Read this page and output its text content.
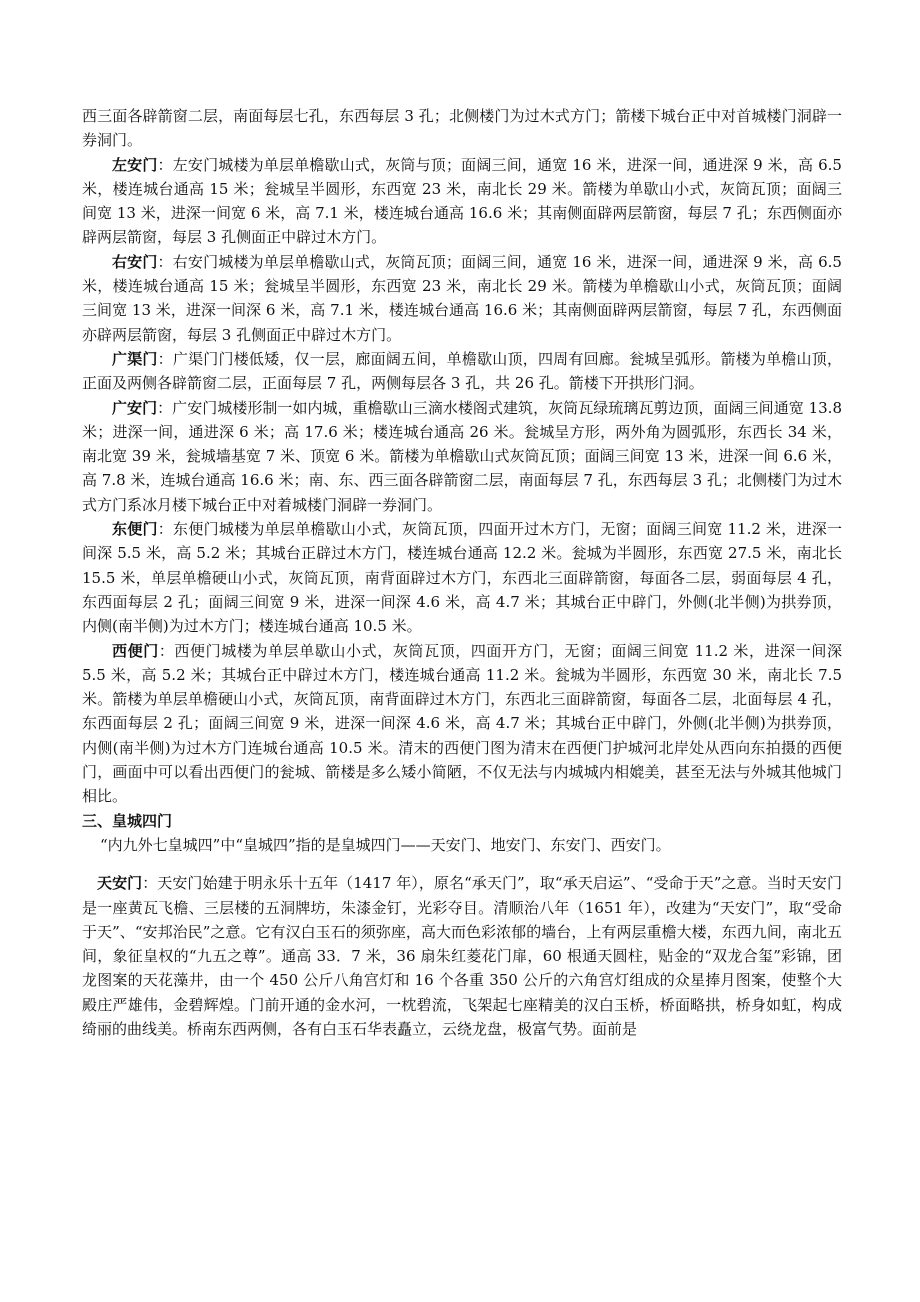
西三面各辟箭窗二层，南面每层七孔，东西每层 3 孔；北侧楼门为过木式方门；箭楼下城台正中对首城楼门洞辟一券洞门。

左安门：左安门城楼为单层单檐歇山式，灰筒与顶；面阔三间，通宽 16 米，进深一间，通进深 9 米，高 6.5 米，楼连城台通高 15 米；瓮城呈半圆形，东西宽 23 米，南北长 29 米。箭楼为单歇山小式，灰筒瓦顶；面阔三间宽 13 米，进深一间宽 6 米，高 7.1 米，楼连城台通高 16.6 米；其南侧面辟两层箭窗，每层 7 孔；东西侧面亦辟两层箭窗，每层 3 孔侧面正中辟过木方门。

右安门：右安门城楼为单层单檐歇山式，灰筒瓦顶；面阔三间，通宽 16 米，进深一间，通进深 9 米，高 6.5 米，楼连城台通高 15 米；瓮城呈半圆形，东西宽 23 米，南北长 29 米。箭楼为单檐歇山小式，灰筒瓦顶；面阔三间宽 13 米，进深一间深 6 米，高 7.1 米，楼连城台通高 16.6 米；其南侧面辟两层箭窗，每层 7 孔，东西侧面亦辟两层箭窗，每层 3 孔侧面正中辟过木方门。

广渠门：广渠门门楼低矮，仅一层，廊面阔五间，单檐歇山顶，四周有回廊。瓮城呈弧形。箭楼为单檐山顶，正面及两侧各辟箭窗二层，正面每层 7 孔，两侧每层各 3 孔，共 26 孔。箭楼下开拱形门洞。

广安门：广安门城楼形制一如内城，重檐歇山三滴水楼阁式建筑，灰筒瓦绿琉璃瓦剪边顶，面阔三间通宽 13.8 米；进深一间，通进深 6 米；高 17.6 米；楼连城台通高 26 米。瓮城呈方形，两外角为圆弧形，东西长 34 米，南北宽 39 米，瓮城墙基宽 7 米、顶宽 6 米。箭楼为单檐歇山式灰筒瓦顶；面阔三间宽 13 米，进深一间 6.6 米，高 7.8 米，连城台通高 16.6 米；南、东、西三面各辟箭窗二层，南面每层 7 孔，东西每层 3 孔；北侧楼门为过木式方门系冰月楼下城台正中对着城楼门洞辟一券洞门。

东便门：东便门城楼为单层单檐歇山小式，灰筒瓦顶，四面开过木方门，无窗；面阔三间宽 11.2 米，进深一间深 5.5 米，高 5.2 米；其城台正辟过木方门，楼连城台通高 12.2 米。瓮城为半圆形，东西宽 27.5 米，南北长 15.5 米，单层单檐硬山小式，灰筒瓦顶，南背面辟过木方门，东西北三面辟箭窗，每面各二层，弱面每层 4 孔，东西面每层 2 孔；面阔三间宽 9 米，进深一间深 4.6 米，高 4.7 米；其城台正中辟门，外侧(北半侧)为拱券顶，内侧(南半侧)为过木方门；楼连城台通高 10.5 米。

西便门：西便门城楼为单层单歇山小式，灰筒瓦顶，四面开方门，无窗；面阔三间宽 11.2 米，进深一间深 5.5 米，高 5.2 米；其城台正中辟过木方门，楼连城台通高 11.2 米。瓮城为半圆形，东西宽 30 米，南北长 7.5 米。箭楼为单层单檐硬山小式，灰筒瓦顶，南背面辟过木方门，东西北三面辟箭窗，每面各二层，北面每层 4 孔，东西面每层 2 孔；面阔三间宽 9 米，进深一间深 4.6 米，高 4.7 米；其城台正中辟门，外侧(北半侧)为拱券顶，内侧(南半侧)为过木方门连城台通高 10.5 米。清末的西便门图为清末在西便门护城河北岸处从西向东拍摄的西便门，画面中可以看出西便门的瓮城、箭楼是多么矮小简陋，不仅无法与内城城内相媲美，甚至无法与外城其他城门相比。

三、皇城四门

“内九外七皇城四”中“皇城四”指的是皇城四门——天安门、地安门、东安门、西安门。

天安门：天安门始建于明永乐十五年（1417 年），原名“承天门”，取“承天启运”、“受命于天”之意。当时天安门是一座黄瓦飞檐、三层楼的五洞牌坊，朱漆金钉，光彩夺目。清顺治八年（1651 年），改建为“天安门”，取“受命于天”、“安邦治民”之意。它有汉白玉石的须弥座，高大而色彩浓郁的墙台，上有两层重檐大楼，东西九间，南北五间，象征皇权的“九五之尊”。通高 33．7 米，36 扇朱红菱花门扉，60 根通天圆柱，贴金的“双龙合玺”彩锦，团龙图案的天花藻井，由一个 450 公斤八角宫灯和 16 个各重 350 公斤的六角宫灯组成的众星捧月图案，使整个大殿庄严雄伟，金碧辉煌。门前开通的金水河，一枕碧流，飞架起七座精美的汉白玉桥，桥面略拱，桥身如虹，构成绮丽的曲线美。桥南东西两侧，各有白玉石华表矗立，云绕龙盘，极富气势。面前是
